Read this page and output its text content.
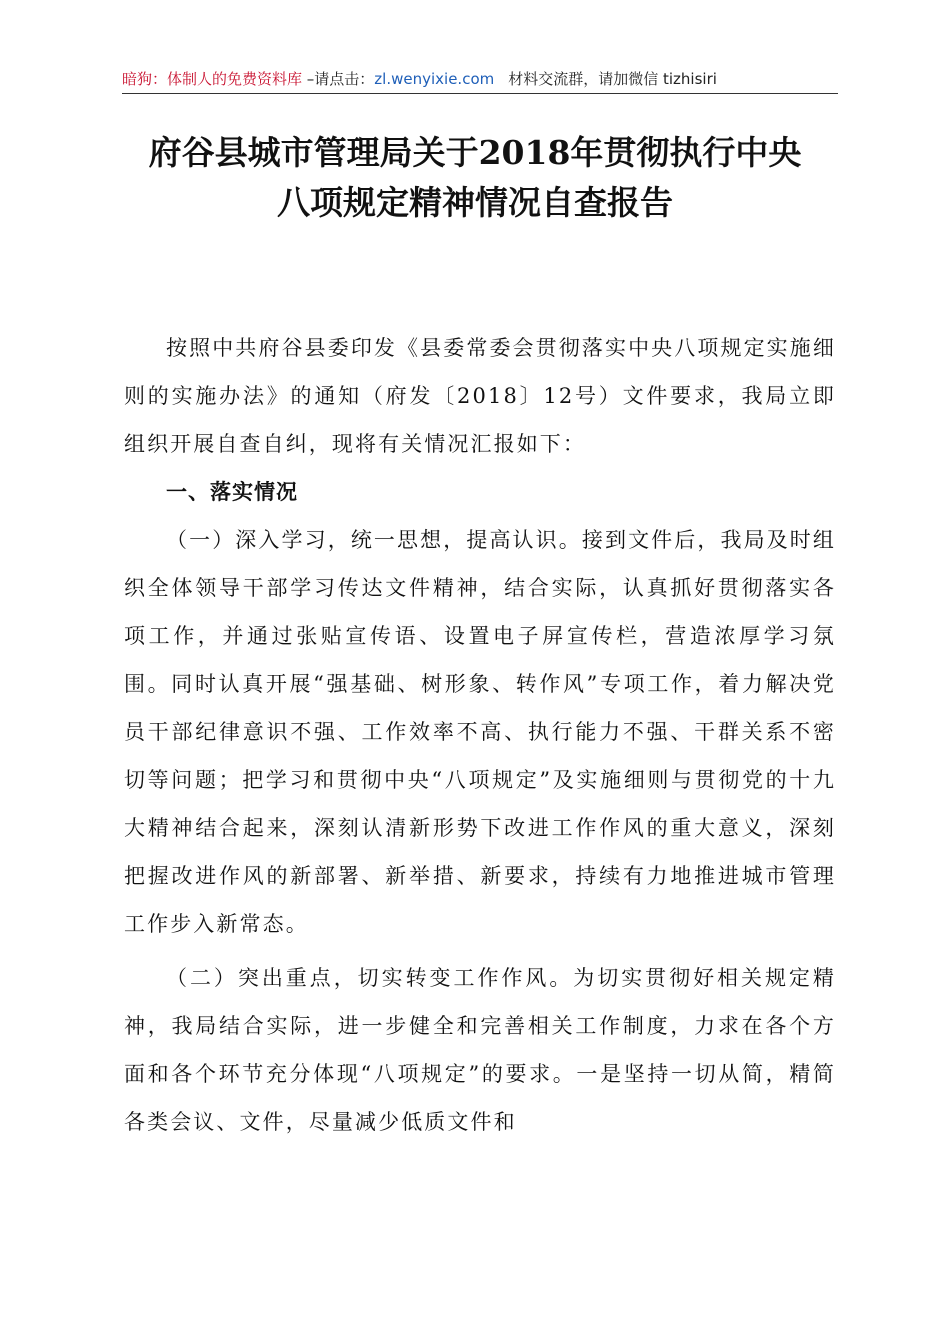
暗狗：体制人的免费资料库 –请点击：zl.wenyixie.com 材料交流群，请加微信 tizhisiri
府谷县城市管理局关于2018年贯彻执行中央
八项规定精神情况自查报告

按照中共府谷县委印发《县委常委会贯彻落实中央八项规定实施细则的实施办法》的通知（府发〔2018〕12号）文件要求，我局立即组织开展自查自纠，现将有关情况汇报如下：

一、落实情况

（一）深入学习，统一思想，提高认识。接到文件后，我局及时组织全体领导干部学习传达文件精神，结合实际，认真抓好贯彻落实各项工作，并通过张贴宣传语、设置电子屏宣传栏，营造浓厚学习氛围。同时认真开展“强基础、树形象、转作风”专项工作，着力解决党员干部纪律意识不强、工作效率不高、执行能力不强、干群关系不密切等问题；把学习和贯彻中央“八项规定”及实施细则与贯彻党的十九大精神结合起来，深刻认清新形势下改进工作作风的重大意义，深刻把握改进作风的新部署、新举措、新要求，持续有力地推进城市管理工作步入新常态。

（二）突出重点，切实转变工作作风。为切实贯彻好相关规定精神，我局结合实际，进一步健全和完善相关工作制度，力求在各个方面和各个环节充分体现“八项规定”的要求。一是坚持一切从简，精简各类会议、文件，尽量减少低质文件和
